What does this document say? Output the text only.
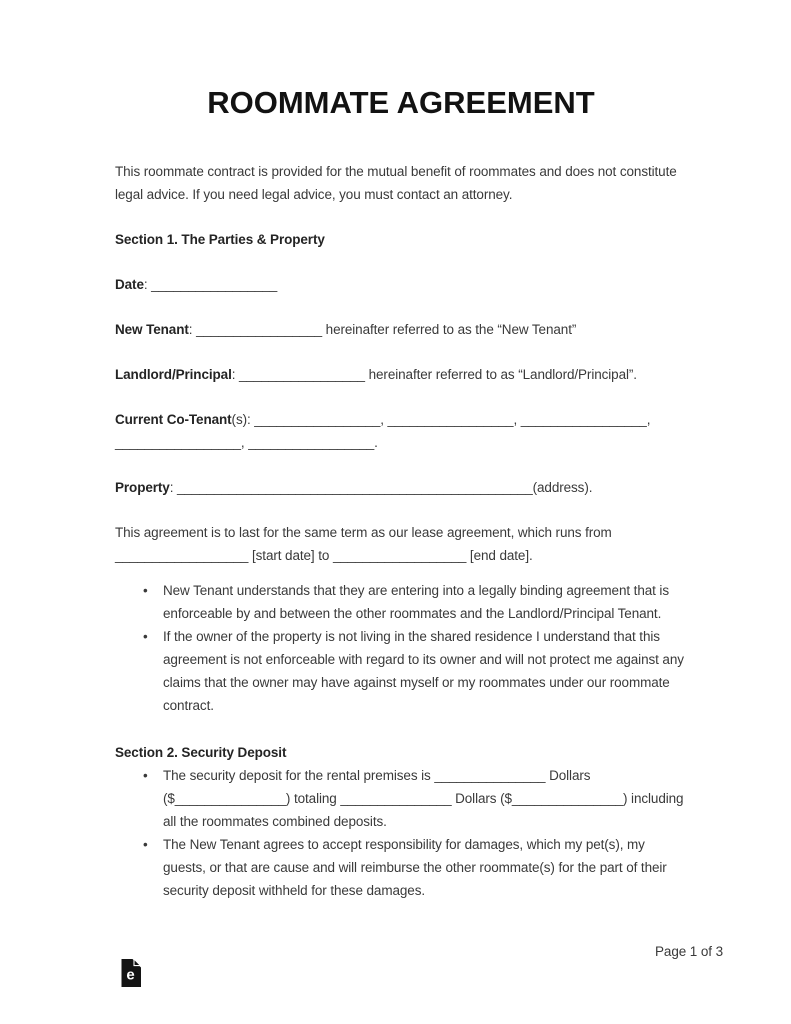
ROOMMATE AGREEMENT

This roommate contract is provided for the mutual benefit of roommates and does not constitute legal advice. If you need legal advice, you must contact an attorney.

Section 1. The Parties & Property

Date: _________________

New Tenant: _________________ hereinafter referred to as the “New Tenant”

Landlord/Principal: _________________ hereinafter referred to as “Landlord/Principal”.

Current Co-Tenant(s): _________________, _________________, _________________, _________________, _________________.

Property: ________________________________________________(address).

This agreement is to last for the same term as our lease agreement, which runs from __________________ [start date] to __________________ [end date].

• New Tenant understands that they are entering into a legally binding agreement that is enforceable by and between the other roommates and the Landlord/Principal Tenant.
• If the owner of the property is not living in the shared residence I understand that this agreement is not enforceable with regard to its owner and will not protect me against any claims that the owner may have against myself or my roommates under our roommate contract.
Section 2. Security Deposit
• The security deposit for the rental premises is _______________ Dollars ($_______________) totaling _______________ Dollars ($_______________) including all the roommates combined deposits.
• The New Tenant agrees to accept responsibility for damages, which my pet(s), my guests, or that are cause and will reimburse the other roommate(s) for the part of their security deposit withheld for these damages.
Page 1 of 3
e
